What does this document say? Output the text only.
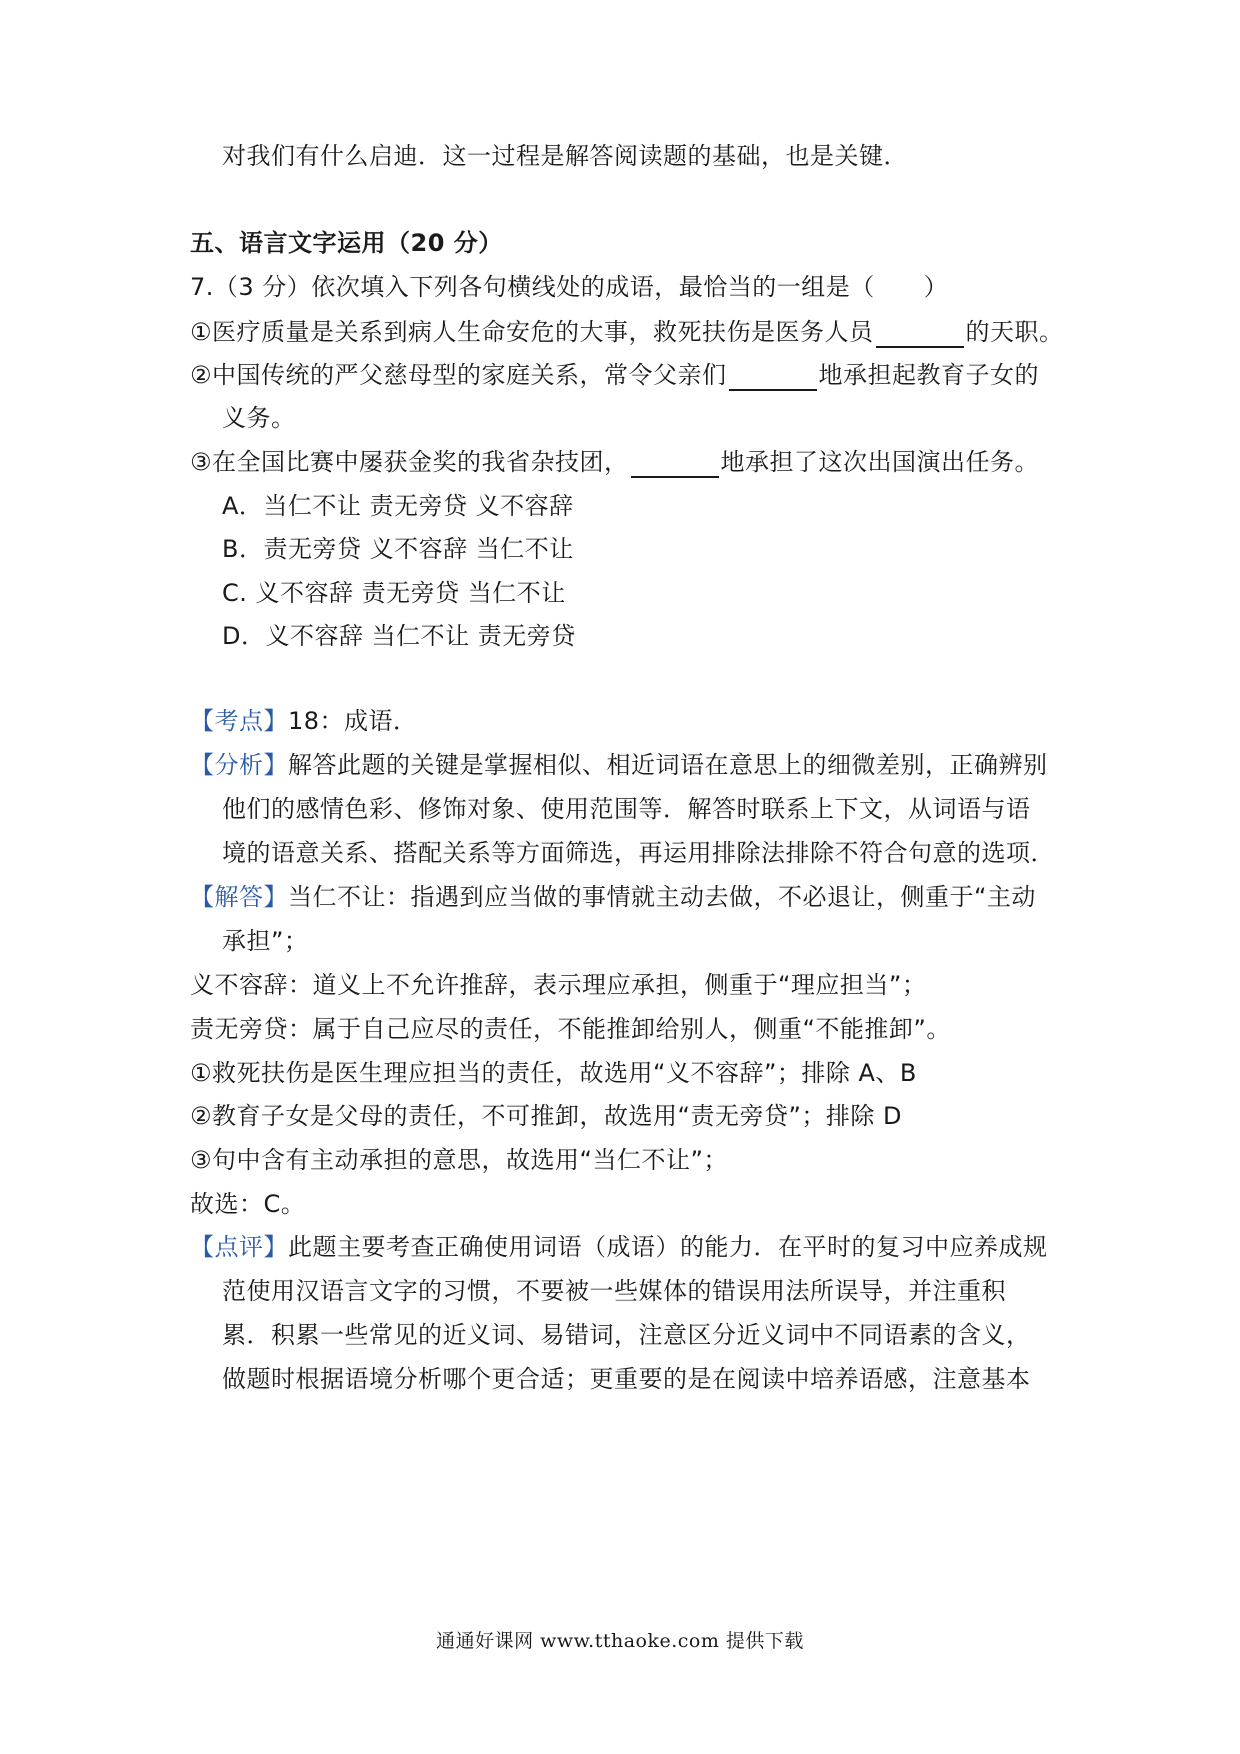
对我们有什么启迪．这一过程是解答阅读题的基础，也是关键．
五、语言文字运用（20 分）
7.（3 分）依次填入下列各句横线处的成语，最恰当的一组是（　　）
①医疗质量是关系到病人生命安危的大事，救死扶伤是医务人员	的天职。
②中国传统的严父慈母型的家庭关系，常令父亲们	地承担起教育子女的
义务。
③在全国比赛中屡获金奖的我省杂技团，	地承担了这次出国演出任务。
A．当仁不让 责无旁贷 义不容辞
B．责无旁贷 义不容辞 当仁不让
C. 义不容辞 责无旁贷 当仁不让
D．义不容辞 当仁不让 责无旁贷
【考点】18：成语．
【分析】解答此题的关键是掌握相似、相近词语在意思上的细微差别，正确辨别
他们的感情色彩、修饰对象、使用范围等．解答时联系上下文，从词语与语
境的语意关系、搭配关系等方面筛选，再运用排除法排除不符合句意的选项．
【解答】当仁不让：指遇到应当做的事情就主动去做，不必退让，侧重于“主动
承担”；
义不容辞：道义上不允许推辞，表示理应承担，侧重于“理应担当”；
责无旁贷：属于自己应尽的责任，不能推卸给别人，侧重“不能推卸”。
①救死扶伤是医生理应担当的责任，故选用“义不容辞”；排除 A、B
②教育子女是父母的责任，不可推卸，故选用“责无旁贷”；排除 D
③句中含有主动承担的意思，故选用“当仁不让”；
故选：C。
【点评】此题主要考查正确使用词语（成语）的能力．在平时的复习中应养成规
范使用汉语言文字的习惯，不要被一些媒体的错误用法所误导，并注重积
累．积累一些常见的近义词、易错词，注意区分近义词中不同语素的含义，
做题时根据语境分析哪个更合适；更重要的是在阅读中培养语感，注意基本
通通好课网 www.tthaoke.com 提供下载
